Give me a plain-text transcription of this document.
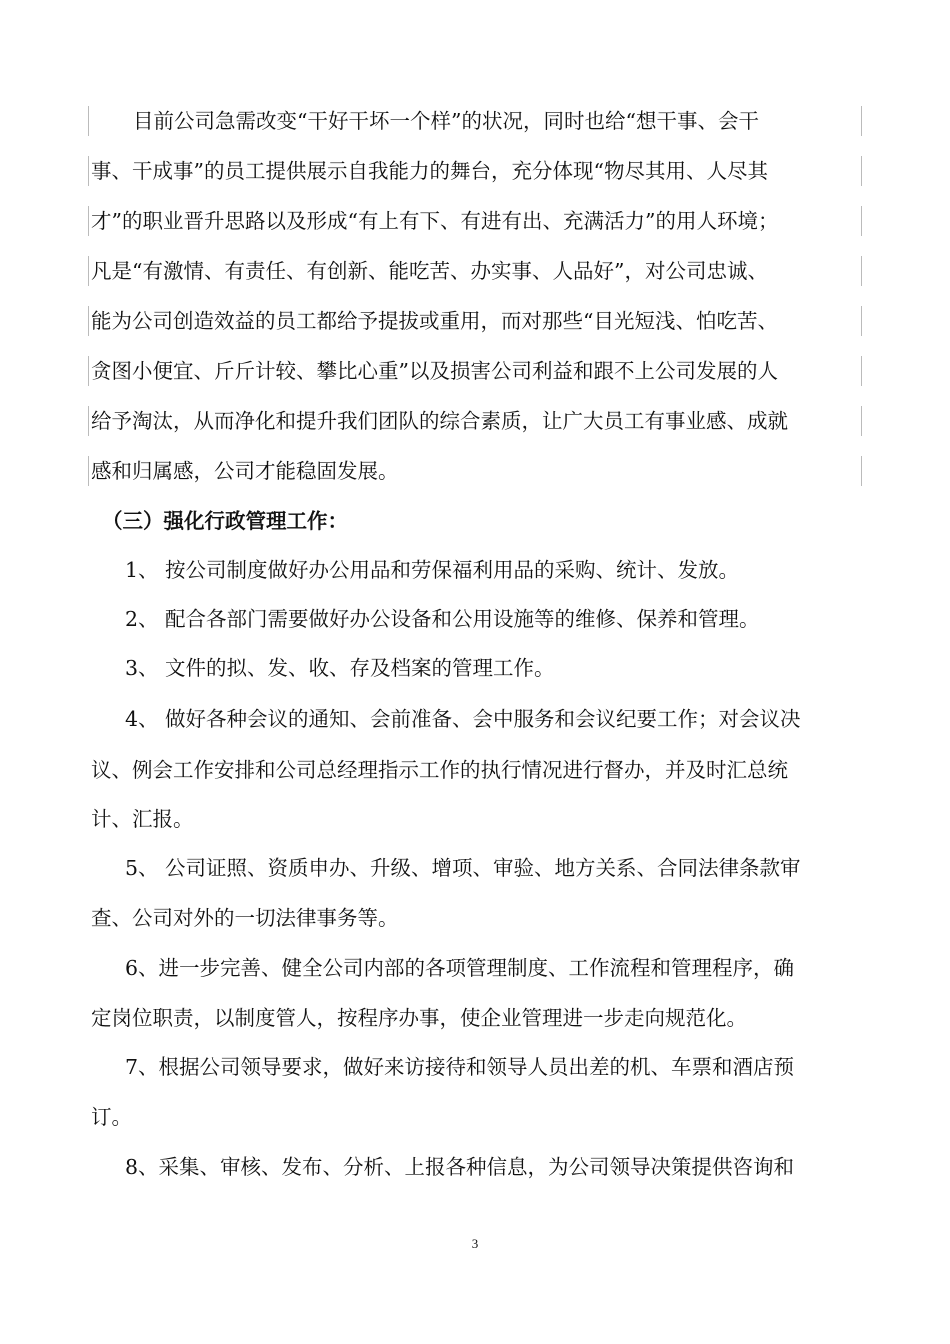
目前公司急需改变“干好干坏一个样”的状况，同时也给“想干事、会干
事、干成事”的员工提供展示自我能力的舞台，充分体现“物尽其用、人尽其
才”的职业晋升思路以及形成“有上有下、有进有出、充满活力”的用人环境；
凡是“有激情、有责任、有创新、能吃苦、办实事、人品好”，对公司忠诚、
能为公司创造效益的员工都给予提拔或重用，而对那些“目光短浅、怕吃苦、
贪图小便宜、斤斤计较、攀比心重”以及损害公司利益和跟不上公司发展的人
给予淘汰，从而净化和提升我们团队的综合素质，让广大员工有事业感、成就
感和归属感，公司才能稳固发展。
（三）强化行政管理工作：
1、 按公司制度做好办公用品和劳保福利用品的采购、统计、发放。
2、 配合各部门需要做好办公设备和公用设施等的维修、保养和管理。
3、 文件的拟、发、收、存及档案的管理工作。
4、 做好各种会议的通知、会前准备、会中服务和会议纪要工作；对会议决
议、例会工作安排和公司总经理指示工作的执行情况进行督办，并及时汇总统
计、汇报。
5、 公司证照、资质申办、升级、增项、审验、地方关系、合同法律条款审
查、公司对外的一切法律事务等。
6、进一步完善、健全公司内部的各项管理制度、工作流程和管理程序，确
定岗位职责，以制度管人，按程序办事，使企业管理进一步走向规范化。
7、根据公司领导要求，做好来访接待和领导人员出差的机、车票和酒店预
订。
8、采集、审核、发布、分析、上报各种信息，为公司领导决策提供咨询和
3
